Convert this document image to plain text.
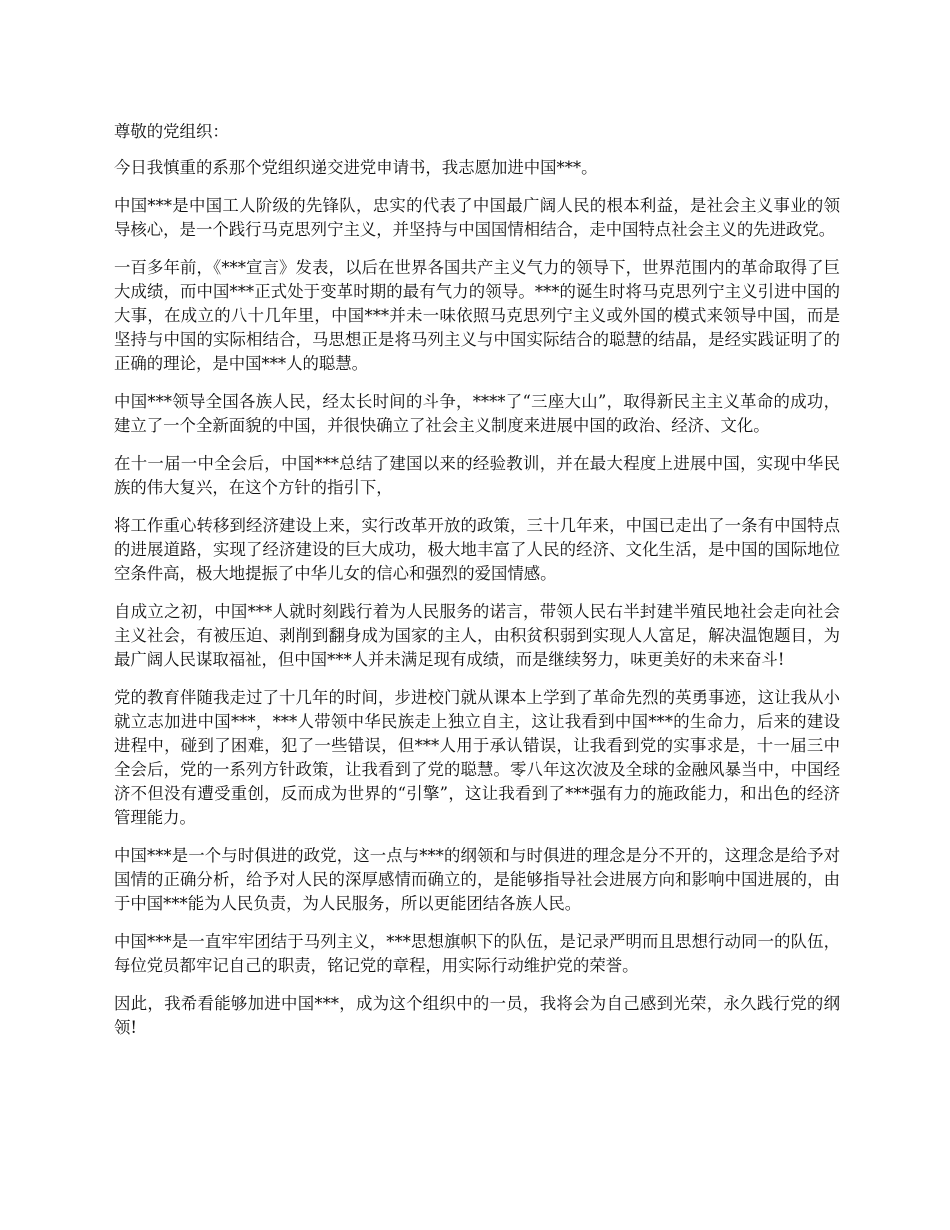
尊敬的党组织：

今日我慎重的系那个党组织递交进党申请书，我志愿加进中国***。

中国***是中国工人阶级的先锋队，忠实的代表了中国最广阔人民的根本利益，是社会主义事业的领导核心，是一个践行马克思列宁主义，并坚持与中国国情相结合，走中国特点社会主义的先进政党。

一百多年前，《***宣言》发表，以后在世界各国共产主义气力的领导下，世界范围内的革命取得了巨大成绩，而中国***正式处于变革时期的最有气力的领导。***的诞生时将马克思列宁主义引进中国的大事，在成立的八十几年里，中国***并未一味依照马克思列宁主义或外国的模式来领导中国，而是坚持与中国的实际相结合，马思想正是将马列主义与中国实际结合的聪慧的结晶，是经实践证明了的正确的理论，是中国***人的聪慧。

中国***领导全国各族人民，经太长时间的斗争，****了“三座大山”，取得新民主主义革命的成功，建立了一个全新面貌的中国，并很快确立了社会主义制度来进展中国的政治、经济、文化。

在十一届一中全会后，中国***总结了建国以来的经验教训，并在最大程度上进展中国，实现中华民族的伟大复兴，在这个方针的指引下，

将工作重心转移到经济建设上来，实行改革开放的政策，三十几年来，中国已走出了一条有中国特点的进展道路，实现了经济建设的巨大成功，极大地丰富了人民的经济、文化生活，是中国的国际地位空条件高，极大地提振了中华儿女的信心和强烈的爱国情感。

自成立之初，中国***人就时刻践行着为人民服务的诺言，带领人民右半封建半殖民地社会走向社会主义社会，有被压迫、剥削到翻身成为国家的主人，由积贫积弱到实现人人富足，解决温饱题目，为最广阔人民谋取福祉，但中国***人并未满足现有成绩，而是继续努力，味更美好的未来奋斗!

党的教育伴随我走过了十几年的时间，步进校门就从课本上学到了革命先烈的英勇事迹，这让我从小就立志加进中国***，***人带领中华民族走上独立自主，这让我看到中国***的生命力，后来的建设进程中，碰到了困难，犯了一些错误，但***人用于承认错误，让我看到党的实事求是，十一届三中全会后，党的一系列方针政策，让我看到了党的聪慧。零八年这次波及全球的金融风暴当中，中国经济不但没有遭受重创，反而成为世界的“引擎”，这让我看到了***强有力的施政能力，和出色的经济管理能力。

中国***是一个与时俱进的政党，这一点与***的纲领和与时俱进的理念是分不开的，这理念是给予对国情的正确分析，给予对人民的深厚感情而确立的，是能够指导社会进展方向和影响中国进展的，由于中国***能为人民负责，为人民服务，所以更能团结各族人民。

中国***是一直牢牢团结于马列主义，***思想旗帜下的队伍，是记录严明而且思想行动同一的队伍，每位党员都牢记自己的职责，铭记党的章程，用实际行动维护党的荣誉。

因此，我希看能够加进中国***，成为这个组织中的一员，我将会为自己感到光荣，永久践行党的纲领!
